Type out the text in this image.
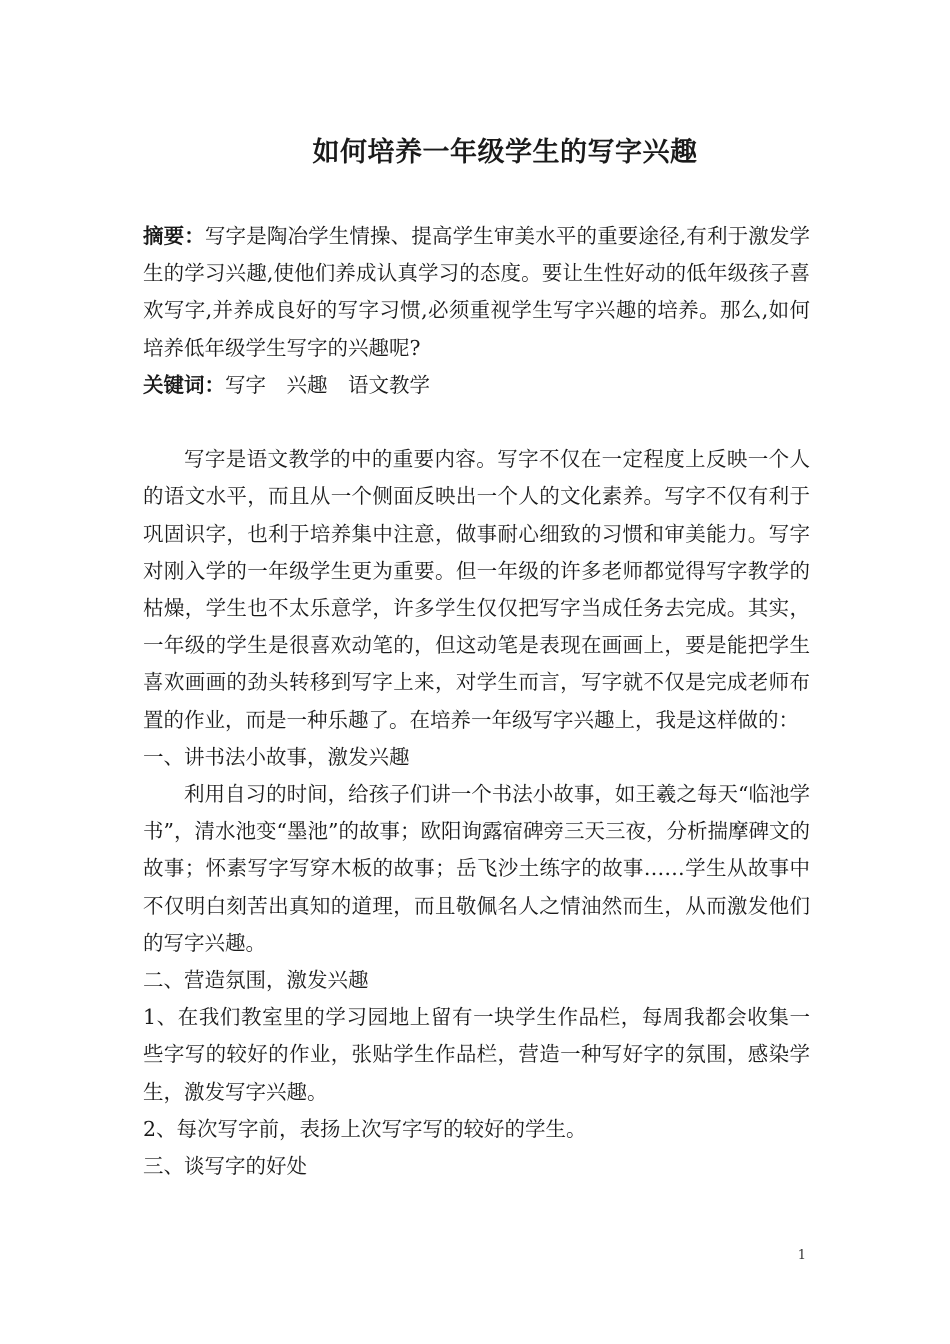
如何培养一年级学生的写字兴趣

摘要：写字是陶冶学生情操、提高学生审美水平的重要途径,有利于激发学生的学习兴趣,使他们养成认真学习的态度。要让生性好动的低年级孩子喜欢写字,并养成良好的写字习惯,必须重视学生写字兴趣的培养。那么,如何培养低年级学生写字的兴趣呢?

关键词：写字 兴趣 语文教学

写字是语文教学的中的重要内容。写字不仅在一定程度上反映一个人的语文水平，而且从一个侧面反映出一个人的文化素养。写字不仅有利于巩固识字，也利于培养集中注意，做事耐心细致的习惯和审美能力。写字对刚入学的一年级学生更为重要。但一年级的许多老师都觉得写字教学的枯燥，学生也不太乐意学，许多学生仅仅把写字当成任务去完成。其实，一年级的学生是很喜欢动笔的，但这动笔是表现在画画上，要是能把学生喜欢画画的劲头转移到写字上来，对学生而言，写字就不仅是完成老师布置的作业，而是一种乐趣了。在培养一年级写字兴趣上，我是这样做的：

一、讲书法小故事，激发兴趣

利用自习的时间，给孩子们讲一个书法小故事，如王羲之每天“临池学书”，清水池变“墨池”的故事；欧阳询露宿碑旁三天三夜，分析揣摩碑文的故事；怀素写字写穿木板的故事；岳飞沙土练字的故事……学生从故事中不仅明白刻苦出真知的道理，而且敬佩名人之情油然而生，从而激发他们的写字兴趣。

二、营造氛围，激发兴趣

1、在我们教室里的学习园地上留有一块学生作品栏，每周我都会收集一些字写的较好的作业，张贴学生作品栏，营造一种写好字的氛围，感染学生，激发写字兴趣。

2、每次写字前，表扬上次写字写的较好的学生。

三、谈写字的好处

1
